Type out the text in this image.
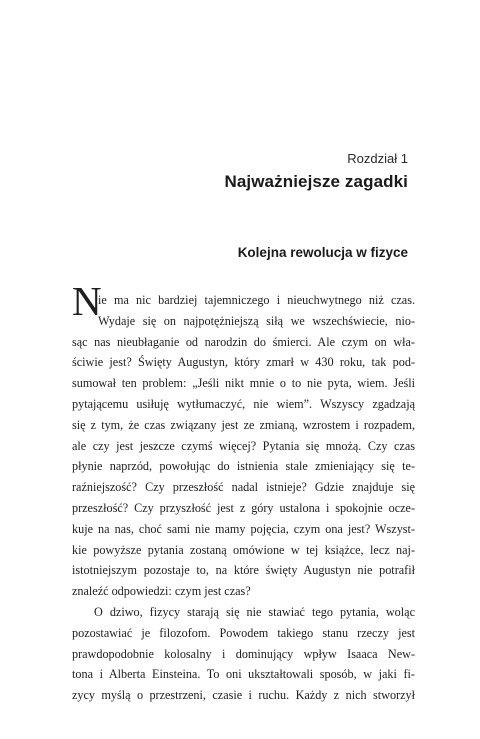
Rozdział 1
Najważniejsze zagadki
Kolejna rewolucja w fizyce
N
ie ma nic bardziej tajemniczego i nieuchwytnego niż czas.
Wydaje się on najpotężniejszą siłą we wszechświecie, nio-
sąc nas nieubłaganie od narodzin do śmierci. Ale czym on wła-
ściwie jest? Święty Augustyn, który zmarł w 430 roku, tak pod-
sumował ten problem: „Jeśli nikt mnie o to nie pyta, wiem. Jeśli
pytającemu usiłuję wytłumaczyć, nie wiem”. Wszyscy zgadzają
się z tym, że czas związany jest ze zmianą, wzrostem i rozpadem,
ale czy jest jeszcze czymś więcej? Pytania się mnożą. Czy czas
płynie naprzód, powołując do istnienia stale zmieniający się te-
raźniejszość? Czy przeszłość nadal istnieje? Gdzie znajduje się
przeszłość? Czy przyszłość jest z góry ustalona i spokojnie ocze-
kuje na nas, choć sami nie mamy pojęcia, czym ona jest? Wszyst-
kie powyższe pytania zostaną omówione w tej książce, lecz naj-
istotniejszym pozostaje to, na które święty Augustyn nie potrafił
znaleźć odpowiedzi: czym jest czas?
O dziwo, fizycy starają się nie stawiać tego pytania, woląc
pozostawiać je filozofom. Powodem takiego stanu rzeczy jest
prawdopodobnie kolosalny i dominujący wpływ Isaaca New-
tona i Alberta Einsteina. To oni ukształtowali sposób, w jaki fi-
zycy myślą o przestrzeni, czasie i ruchu. Każdy z nich stworzył
